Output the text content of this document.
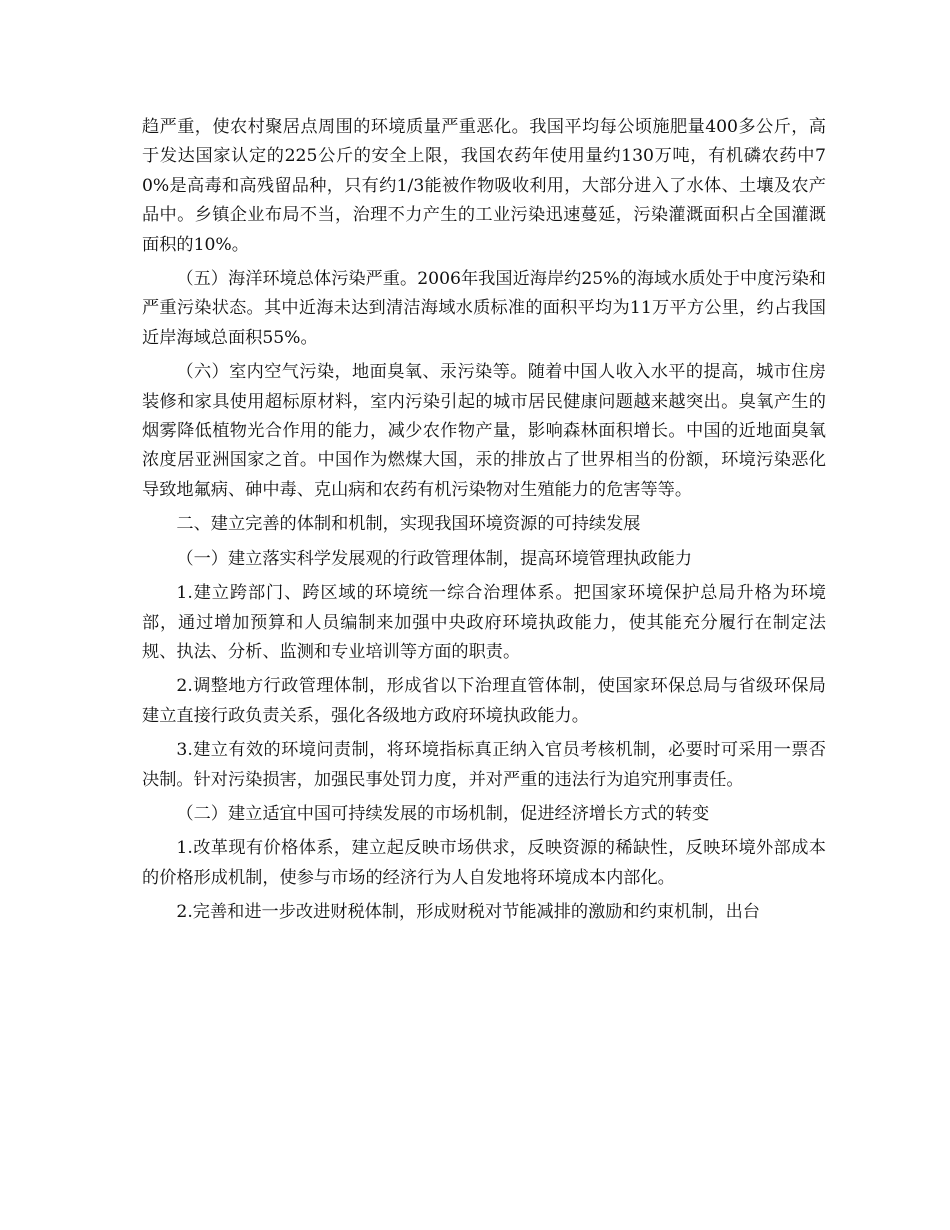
趋严重，使农村聚居点周围的环境质量严重恶化。我国平均每公顷施肥量400多公斤，高于发达国家认定的225公斤的安全上限，我国农药年使用量约130万吨，有机磷农药中70%是高毒和高残留品种，只有约1/3能被作物吸收利用，大部分进入了水体、土壤及农产品中。乡镇企业布局不当，治理不力产生的工业污染迅速蔓延，污染灌溉面积占全国灌溉面积的10%。

（五）海洋环境总体污染严重。2006年我国近海岸约25%的海域水质处于中度污染和严重污染状态。其中近海未达到清洁海域水质标准的面积平均为11万平方公里，约占我国近岸海域总面积55%。

（六）室内空气污染，地面臭氧、汞污染等。随着中国人收入水平的提高，城市住房装修和家具使用超标原材料，室内污染引起的城市居民健康问题越来越突出。臭氧产生的烟雾降低植物光合作用的能力，减少农作物产量，影响森林面积增长。中国的近地面臭氧浓度居亚洲国家之首。中国作为燃煤大国，汞的排放占了世界相当的份额，环境污染恶化导致地氟病、砷中毒、克山病和农药有机污染物对生殖能力的危害等等。

二、建立完善的体制和机制，实现我国环境资源的可持续发展

（一）建立落实科学发展观的行政管理体制，提高环境管理执政能力

1.建立跨部门、跨区域的环境统一综合治理体系。把国家环境保护总局升格为环境部，通过增加预算和人员编制来加强中央政府环境执政能力，使其能充分履行在制定法规、执法、分析、监测和专业培训等方面的职责。

2.调整地方行政管理体制，形成省以下治理直管体制，使国家环保总局与省级环保局建立直接行政负责关系，强化各级地方政府环境执政能力。

3.建立有效的环境问责制，将环境指标真正纳入官员考核机制，必要时可采用一票否决制。针对污染损害，加强民事处罚力度，并对严重的违法行为追究刑事责任。

（二）建立适宜中国可持续发展的市场机制，促进经济增长方式的转变

1.改革现有价格体系，建立起反映市场供求，反映资源的稀缺性，反映环境外部成本的价格形成机制，使参与市场的经济行为人自发地将环境成本内部化。

2.完善和进一步改进财税体制，形成财税对节能减排的激励和约束机制，出台
